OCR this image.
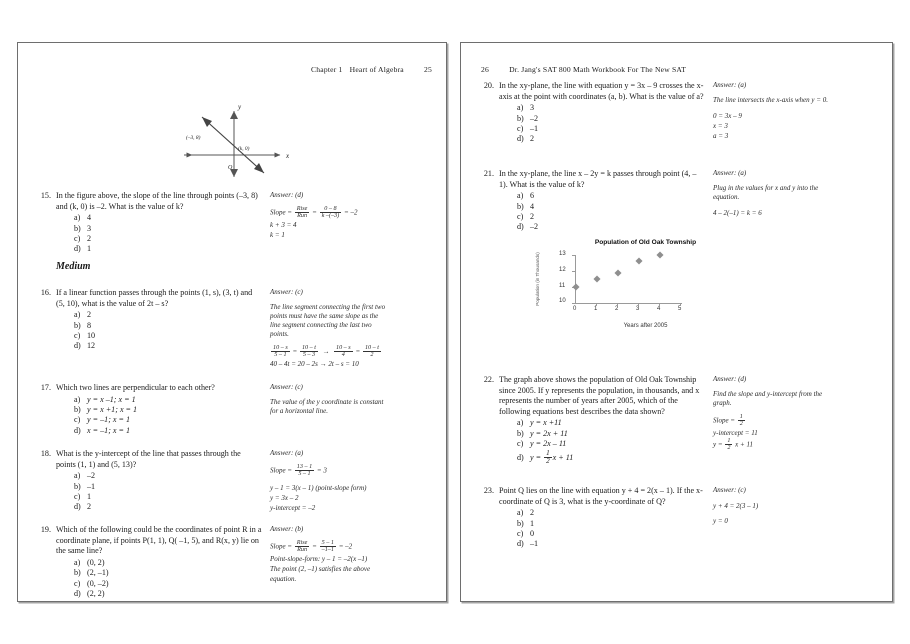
Chapter 1 Heart of Algebra	25
y
x
O
(–3, 8)
(k, 0)
15. In the figure above, the slope of the line through points (–3, 8) and (k, 0) is –2. What is the value of k?
a) 4
b) 3
c) 2
d) 1
Answer: (d)
Slope = $\frac{\text{Rise}}{\text{Run}} = \frac{0 - 8}{k -(-3)} = -2$
k + 3 = 4
k = 1
Medium
16. If a linear function passes through the points (1, s), (3, t) and (5, 10), what is the value of 2t – s?
a) 2
b) 8
c) 10
d) 12
Answer: (c)
The line segment connecting the first two points must have the same slope as the line segment connecting the last two points.
$\frac{10 - s}{5 - 1} = \frac{10 - t}{5 - 3} \to \frac{10 - s}{4} = \frac{10 - t}{2}$
40 – 4t = 20 – 2s → 2t – s = 10
17. Which two lines are perpendicular to each other?
a) y = x –1; x = 1
b) y = x +1; x = 1
c) y = –1; x = 1
d) x = –1; x = 1
Answer: (c)
The value of the y coordinate is constant for a horizontal line.
18. What is the y-intercept of the line that passes through the points (1, 1) and (5, 13)?
a) –2
b) –1
c) 1
d) 2
Answer: (a)
Slope = $\frac{13 - 1}{5 - 1} = 3$
y – 1 = 3(x – 1) (point-slope form)
y = 3x – 2
y-intercept = –2
19. Which of the following could be the coordinates of point R in a coordinate plane, if points P(1, 1), Q( –1, 5), and R(x, y) lie on the same line?
a) (0, 2)
b) (2, –1)
c) (0, –2)
d) (2, 2)
Answer: (b)
Slope = $\frac{\text{Rise}}{\text{Run}} = \frac{5 - 1}{-1-1} = -2$
Point-slope-form: y – 1 = –2(x –1)
The point (2, –1) satisfies the above equation.
26	Dr. Jang's SAT 800 Math Workbook For The New SAT
20. In the xy-plane, the line with equation y = 3x – 9 crosses the x-axis at the point with coordinates (a, b). What is the value of a?
a) 3
b) –2
c) –1
d) 2
Answer: (a)
The line intersects the x-axis when y = 0.
0 = 3x – 9
x = 3
a = 3
21. In the xy-plane, the line x – 2y = k passes through point (4, –1). What is the value of k?
a) 6
b) 4
c) 2
d) –2
Answer: (a)
Plug in the values for x and y into the equation.
4 – 2(–1) = k = 6
Population of Old Oak Township
Population (in Thousands)	13
12
11
10
0	1	2	3	4	5
Years after 2005
22. The graph above shows the population of Old Oak Township since 2005. If y represents the population, in thousands, and x represents the number of years after 2005, which of the following equations best describes the data shown?
a) y = x +11
b) y = 2x + 11
c) y = 2x – 11
d) $y = \frac{1}{2}$ x + 11
Answer: (d)
Find the slope and y-intercept from the graph.
Slope = $\frac{1}{2}$
y-intercept = 11
$y = \frac{1}{2}$ x + 11
23. Point Q lies on the line with equation y + 4 = 2(x – 1). If the x-coordinate of Q is 3, what is the y-coordinate of Q?
a) 2
b) 1
c) 0
d) –1
Answer: (c)
y + 4 = 2(3 – 1)
y = 0
